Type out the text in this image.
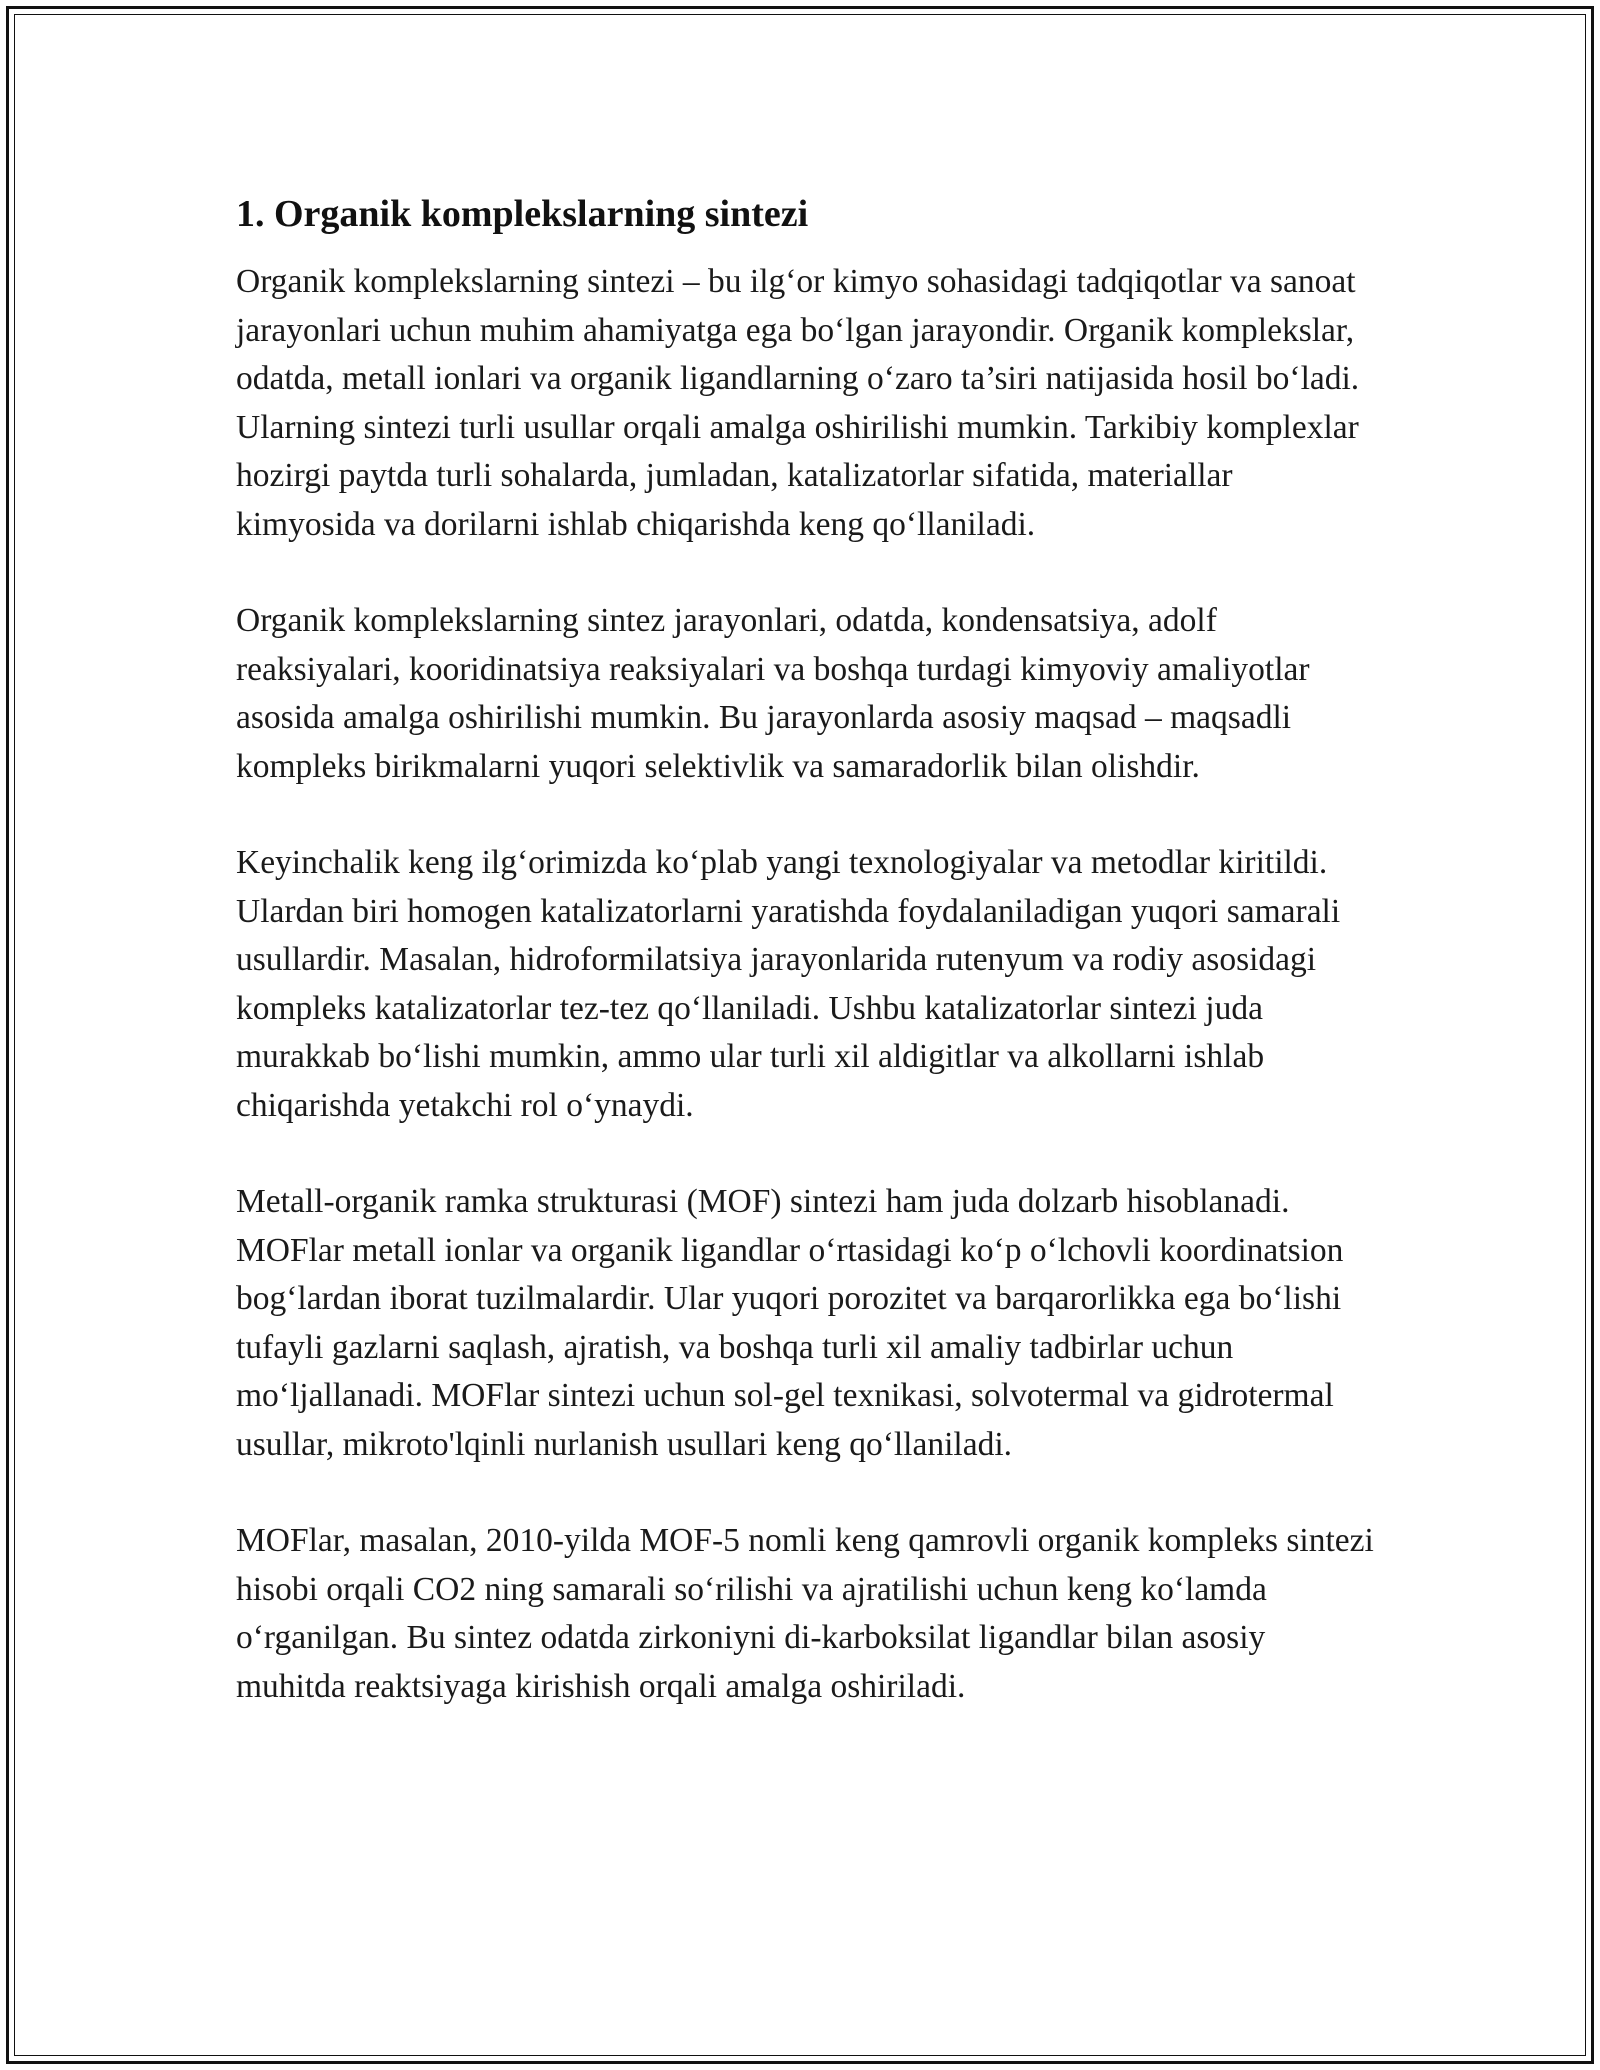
1. Organik komplekslarning sintezi

Organik komplekslarning sintezi – bu ilg‘or kimyo sohasidagi tadqiqotlar va sanoat jarayonlari uchun muhim ahamiyatga ega bo‘lgan jarayondir. Organik komplekslar, odatda, metall ionlari va organik ligandlarning o‘zaro ta’siri natijasida hosil bo‘ladi. Ularning sintezi turli usullar orqali amalga oshirilishi mumkin. Tarkibiy komplexlar hozirgi paytda turli sohalarda, jumladan, katalizatorlar sifatida, materiallar kimyosida va dorilarni ishlab chiqarishda keng qo‘llaniladi.

Organik komplekslarning sintez jarayonlari, odatda, kondensatsiya, adolf reaksiyalari, kooridinatsiya reaksiyalari va boshqa turdagi kimyoviy amaliyotlar asosida amalga oshirilishi mumkin. Bu jarayonlarda asosiy maqsad – maqsadli kompleks birikmalarni yuqori selektivlik va samaradorlik bilan olishdir.

Keyinchalik keng ilg‘orimizda ko‘plab yangi texnologiyalar va metodlar kiritildi. Ulardan biri homogen katalizatorlarni yaratishda foydalaniladigan yuqori samarali usullardir. Masalan, hidroformilatsiya jarayonlarida rutenyum va rodiy asosidagi kompleks katalizatorlar tez-tez qo‘llaniladi. Ushbu katalizatorlar sintezi juda murakkab bo‘lishi mumkin, ammo ular turli xil aldigitlar va alkollarni ishlab chiqarishda yetakchi rol o‘ynaydi.

Metall-organik ramka strukturasi (MOF) sintezi ham juda dolzarb hisoblanadi. MOFlar metall ionlar va organik ligandlar o‘rtasidagi ko‘p o‘lchovli koordinatsion bog‘lardan iborat tuzilmalardir. Ular yuqori porozitet va barqarorlikka ega bo‘lishi tufayli gazlarni saqlash, ajratish, va boshqa turli xil amaliy tadbirlar uchun mo‘ljallanadi. MOFlar sintezi uchun sol-gel texnikasi, solvotermal va gidrotermal usullar, mikroto'lqinli nurlanish usullari keng qo‘llaniladi.

MOFlar, masalan, 2010-yilda MOF-5 nomli keng qamrovli organik kompleks sintezi hisobi orqali CO2 ning samarali so‘rilishi va ajratilishi uchun keng ko‘lamda o‘rganilgan. Bu sintez odatda zirkoniyni di-karboksilat ligandlar bilan asosiy muhitda reaktsiyaga kirishish orqali amalga oshiriladi.
